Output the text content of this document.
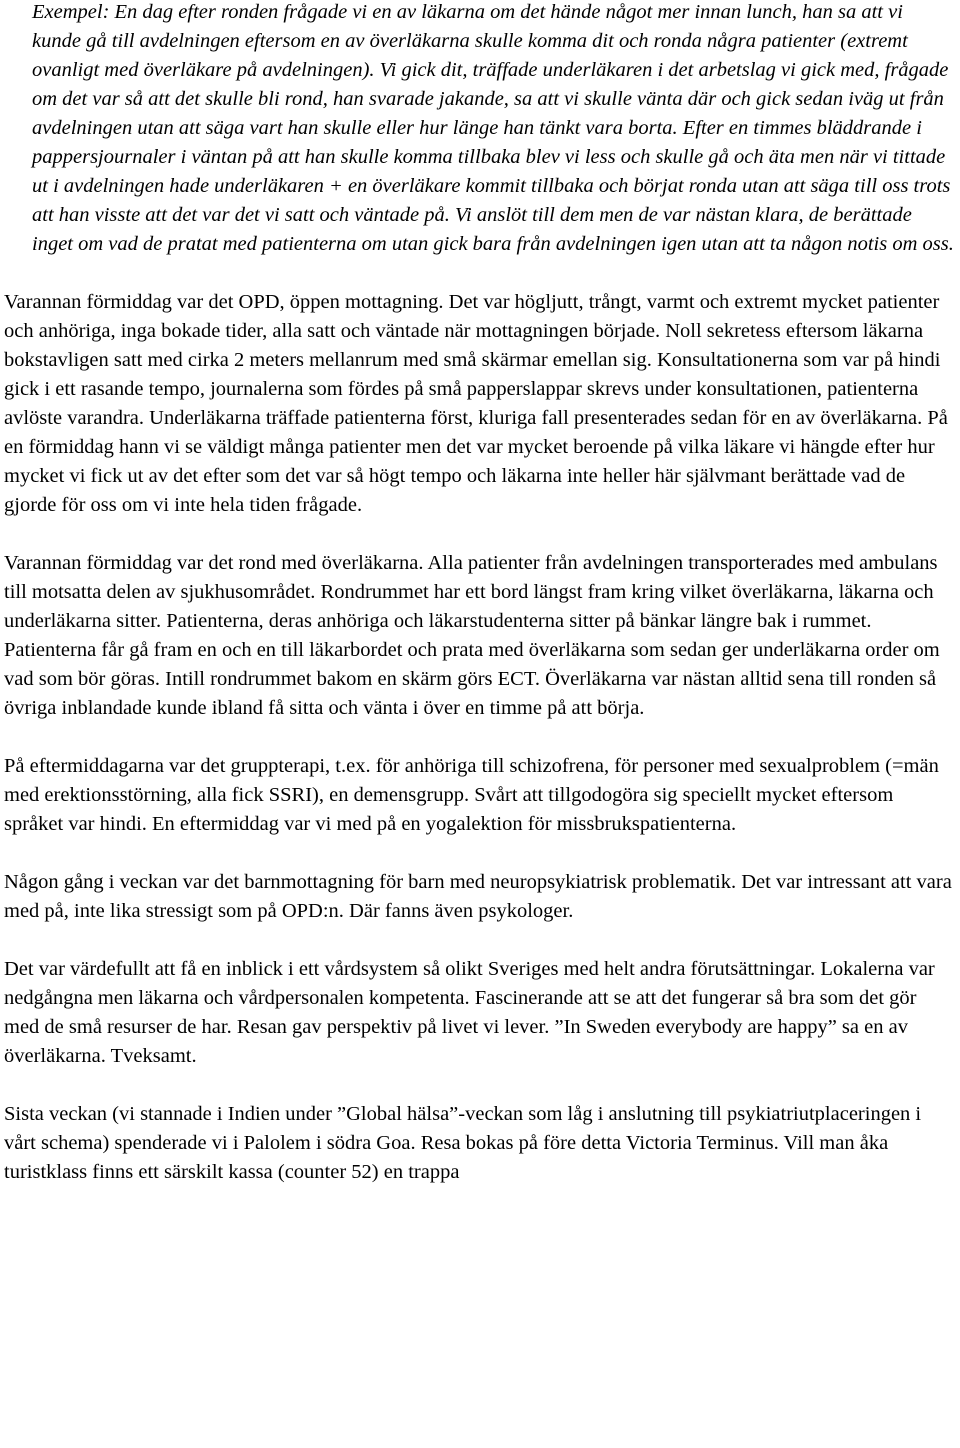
Exempel: En dag efter ronden frågade vi en av läkarna om det hände något mer innan lunch, han sa att vi kunde gå till avdelningen eftersom en av överläkarna skulle komma dit och ronda några patienter (extremt ovanligt med överläkare på avdelningen). Vi gick dit, träffade underläkaren i det arbetslag vi gick med, frågade om det var så att det skulle bli rond, han svarade jakande, sa att vi skulle vänta där och gick sedan iväg ut från avdelningen utan att säga vart han skulle eller hur länge han tänkt vara borta. Efter en timmes bläddrande i pappersjournaler i väntan på att han skulle komma tillbaka blev vi less och skulle gå och äta men när vi tittade ut i avdelningen hade underläkaren + en överläkare kommit tillbaka och börjat ronda utan att säga till oss trots att han visste att det var det vi satt och väntade på. Vi anslöt till dem men de var nästan klara, de berättade inget om vad de pratat med patienterna om utan gick bara från avdelningen igen utan att ta någon notis om oss.

Varannan förmiddag var det OPD, öppen mottagning. Det var högljutt, trångt, varmt och extremt mycket patienter och anhöriga, inga bokade tider, alla satt och väntade när mottagningen började. Noll sekretess eftersom läkarna bokstavligen satt med cirka 2 meters mellanrum med små skärmar emellan sig. Konsultationerna som var på hindi gick i ett rasande tempo, journalerna som fördes på små papperslappar skrevs under konsultationen, patienterna avlöste varandra. Underläkarna träffade patienterna först, kluriga fall presenterades sedan för en av överläkarna. På en förmiddag hann vi se väldigt många patienter men det var mycket beroende på vilka läkare vi hängde efter hur mycket vi fick ut av det efter som det var så högt tempo och läkarna inte heller här självmant berättade vad de gjorde för oss om vi inte hela tiden frågade.

Varannan förmiddag var det rond med överläkarna. Alla patienter från avdelningen transporterades med ambulans till motsatta delen av sjukhusområdet. Rondrummet har ett bord längst fram kring vilket överläkarna, läkarna och underläkarna sitter. Patienterna, deras anhöriga och läkarstudenterna sitter på bänkar längre bak i rummet. Patienterna får gå fram en och en till läkarbordet och prata med överläkarna som sedan ger underläkarna order om vad som bör göras. Intill rondrummet bakom en skärm görs ECT. Överläkarna var nästan alltid sena till ronden så övriga inblandade kunde ibland få sitta och vänta i över en timme på att börja.

På eftermiddagarna var det gruppterapi, t.ex. för anhöriga till schizofrena, för personer med sexualproblem (=män med erektionsstörning, alla fick SSRI), en demensgrupp. Svårt att tillgodogöra sig speciellt mycket eftersom språket var hindi. En eftermiddag var vi med på en yogalektion för missbrukspatienterna.

Någon gång i veckan var det barnmottagning för barn med neuropsykiatrisk problematik. Det var intressant att vara med på, inte lika stressigt som på OPD:n. Där fanns även psykologer.

Det var värdefullt att få en inblick i ett vårdsystem så olikt Sveriges med helt andra förutsättningar. Lokalerna var nedgångna men läkarna och vårdpersonalen kompetenta. Fascinerande att se att det fungerar så bra som det gör med de små resurser de har. Resan gav perspektiv på livet vi lever. ”In Sweden everybody are happy” sa en av överläkarna. Tveksamt.

Sista veckan (vi stannade i Indien under ”Global hälsa”-veckan som låg i anslutning till psykiatriutplaceringen i vårt schema) spenderade vi i Palolem i södra Goa. Resa bokas på före detta Victoria Terminus. Vill man åka turistklass finns ett särskilt kassa (counter 52) en trappa
